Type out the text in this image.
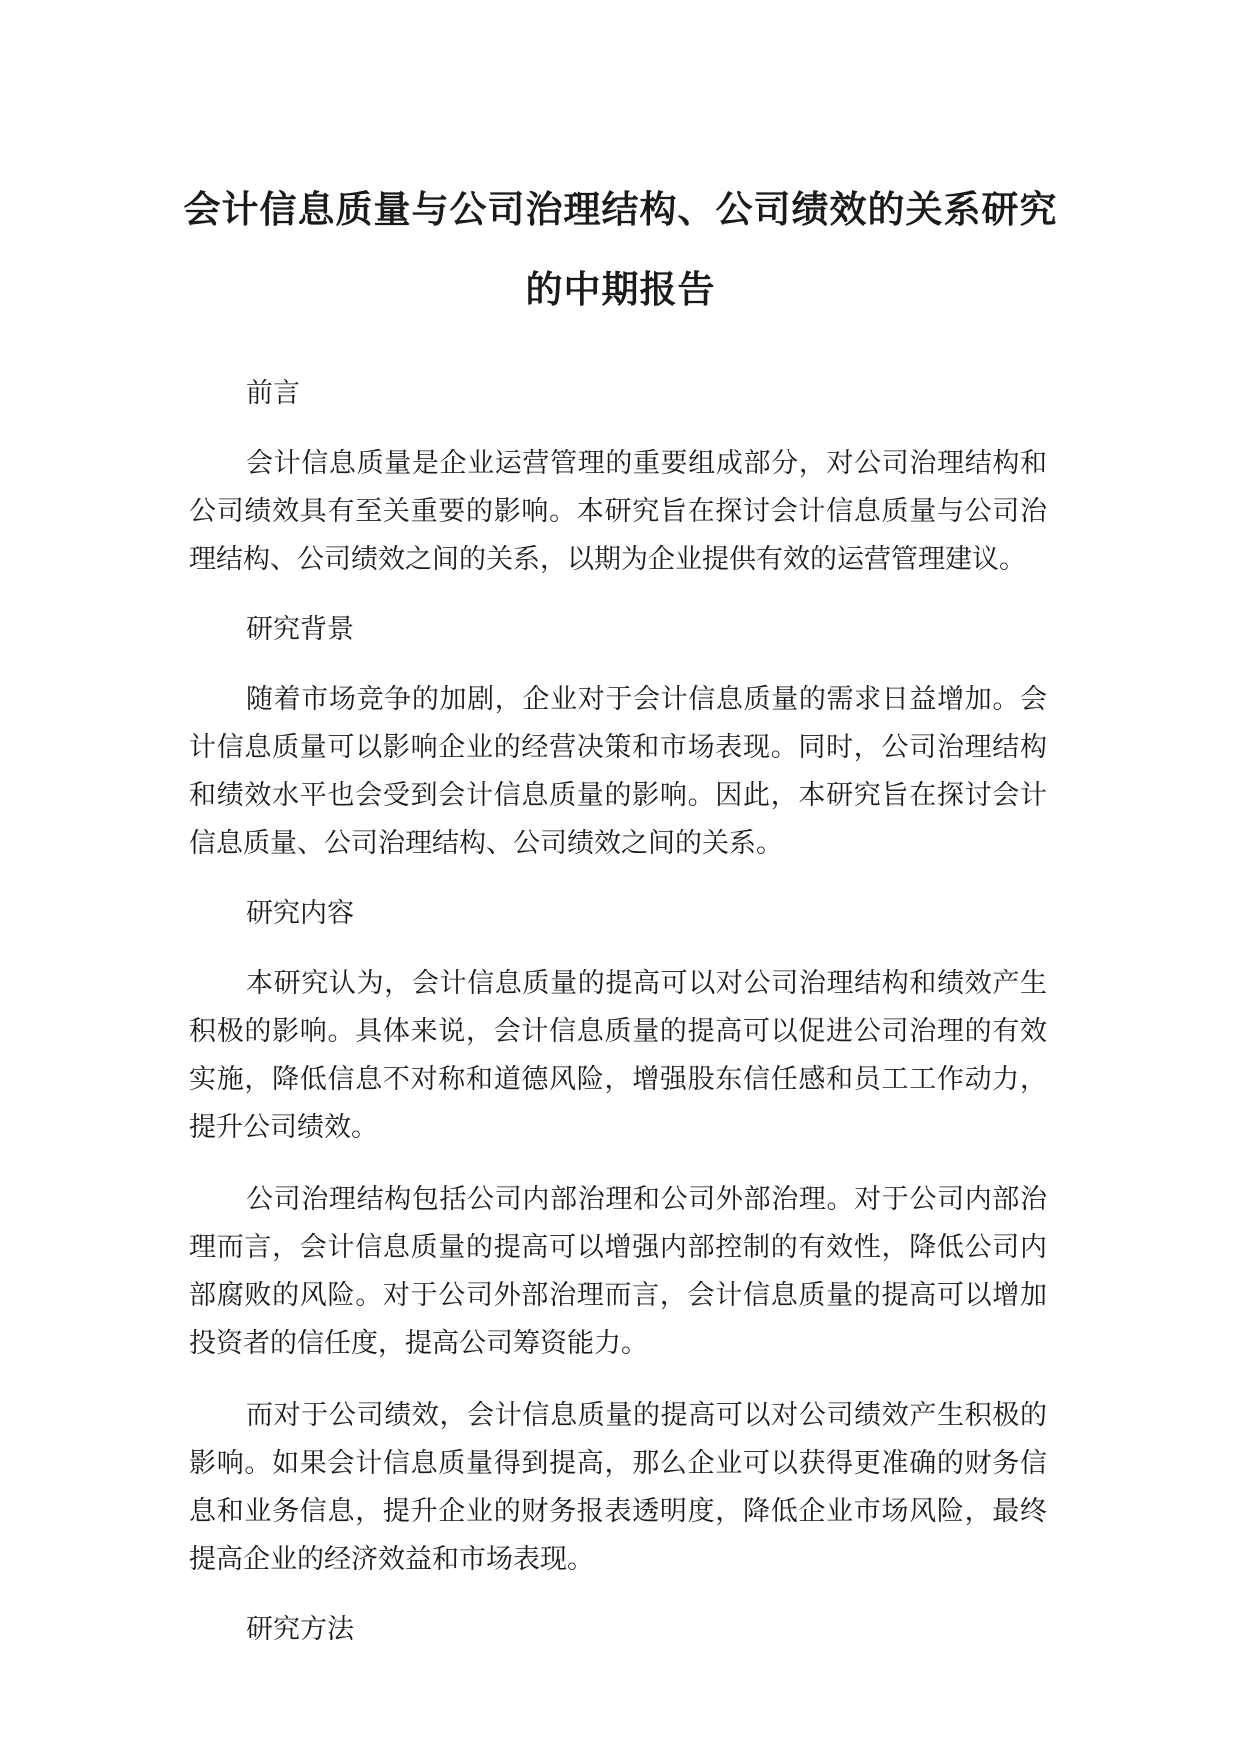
会计信息质量与公司治理结构、公司绩效的关系研究的中期报告

前言

会计信息质量是企业运营管理的重要组成部分，对公司治理结构和公司绩效具有至关重要的影响。本研究旨在探讨会计信息质量与公司治理结构、公司绩效之间的关系，以期为企业提供有效的运营管理建议。

研究背景

随着市场竞争的加剧，企业对于会计信息质量的需求日益增加。会计信息质量可以影响企业的经营决策和市场表现。同时，公司治理结构和绩效水平也会受到会计信息质量的影响。因此，本研究旨在探讨会计信息质量、公司治理结构、公司绩效之间的关系。

研究内容

本研究认为，会计信息质量的提高可以对公司治理结构和绩效产生积极的影响。具体来说，会计信息质量的提高可以促进公司治理的有效实施，降低信息不对称和道德风险，增强股东信任感和员工工作动力，提升公司绩效。

公司治理结构包括公司内部治理和公司外部治理。对于公司内部治理而言，会计信息质量的提高可以增强内部控制的有效性，降低公司内部腐败的风险。对于公司外部治理而言，会计信息质量的提高可以增加投资者的信任度，提高公司筹资能力。

而对于公司绩效，会计信息质量的提高可以对公司绩效产生积极的影响。如果会计信息质量得到提高，那么企业可以获得更准确的财务信息和业务信息，提升企业的财务报表透明度，降低企业市场风险，最终提高企业的经济效益和市场表现。

研究方法
